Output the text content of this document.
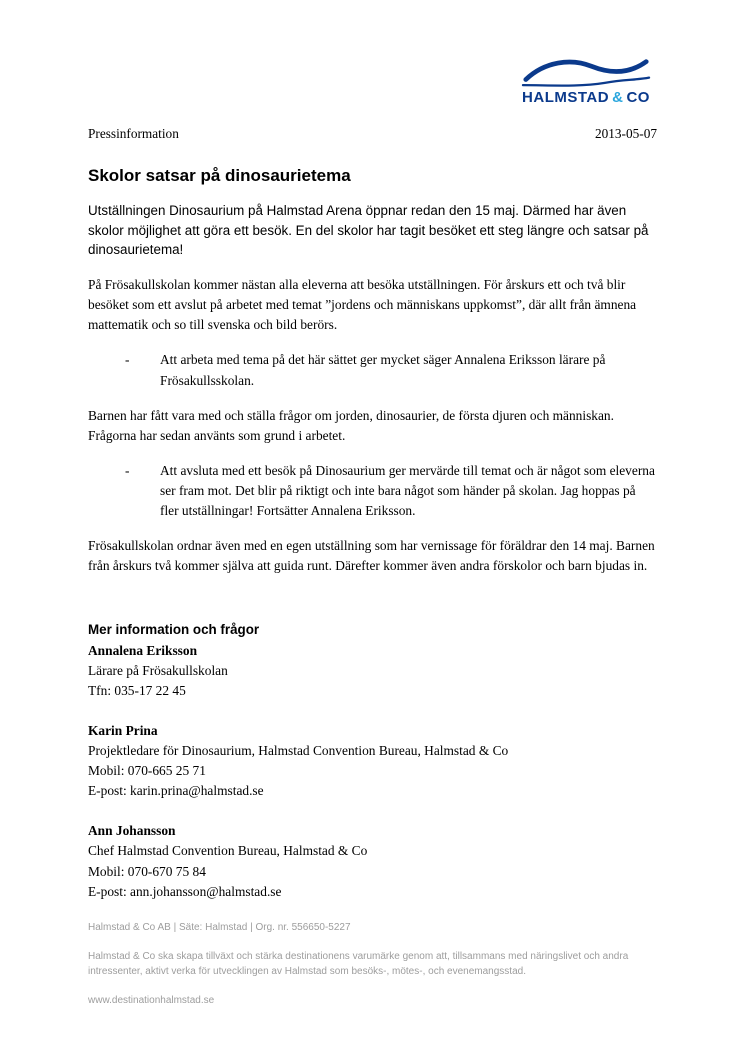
HALMSTAD & CO
Pressinformation	2013-05-07
Skolor satsar på dinosaurietema

Utställningen Dinosaurium på Halmstad Arena öppnar redan den 15 maj. Därmed har även skolor möjlighet att göra ett besök. En del skolor har tagit besöket ett steg längre och satsar på dinosaurietema!

På Frösakullskolan kommer nästan alla eleverna att besöka utställningen. För årskurs ett och två blir besöket som ett avslut på arbetet med temat ”jordens och människans uppkomst”, där allt från ämnena mattematik och so till svenska och bild berörs.

- Att arbeta med tema på det här sättet ger mycket säger Annalena Eriksson lärare på Frösakullsskolan.

Barnen har fått vara med och ställa frågor om jorden, dinosaurier, de första djuren och människan. Frågorna har sedan använts som grund i arbetet.

- Att avsluta med ett besök på Dinosaurium ger mervärde till temat och är något som eleverna ser fram mot. Det blir på riktigt och inte bara något som händer på skolan. Jag hoppas på fler utställningar! Fortsätter Annalena Eriksson.

Frösakullskolan ordnar även med en egen utställning som har vernissage för föräldrar den 14 maj. Barnen från årskurs två kommer själva att guida runt. Därefter kommer även andra förskolor och barn bjudas in.

Mer information och frågor

Annalena Eriksson

Lärare på Frösakullskolan

Tfn: 035-17 22 45

Karin Prina

Projektledare för Dinosaurium, Halmstad Convention Bureau, Halmstad & Co

Mobil: 070-665 25 71

E-post: karin.prina@halmstad.se

Ann Johansson

Chef Halmstad Convention Bureau, Halmstad & Co

Mobil: 070-670 75 84

E-post: ann.johansson@halmstad.se

Halmstad & Co AB | Säte: Halmstad | Org. nr. 556650-5227

Halmstad & Co ska skapa tillväxt och stärka destinationens varumärke genom att, tillsammans med näringslivet och andra intressenter, aktivt verka för utvecklingen av Halmstad som besöks-, mötes-, och evenemangsstad.

www.destinationhalmstad.se
